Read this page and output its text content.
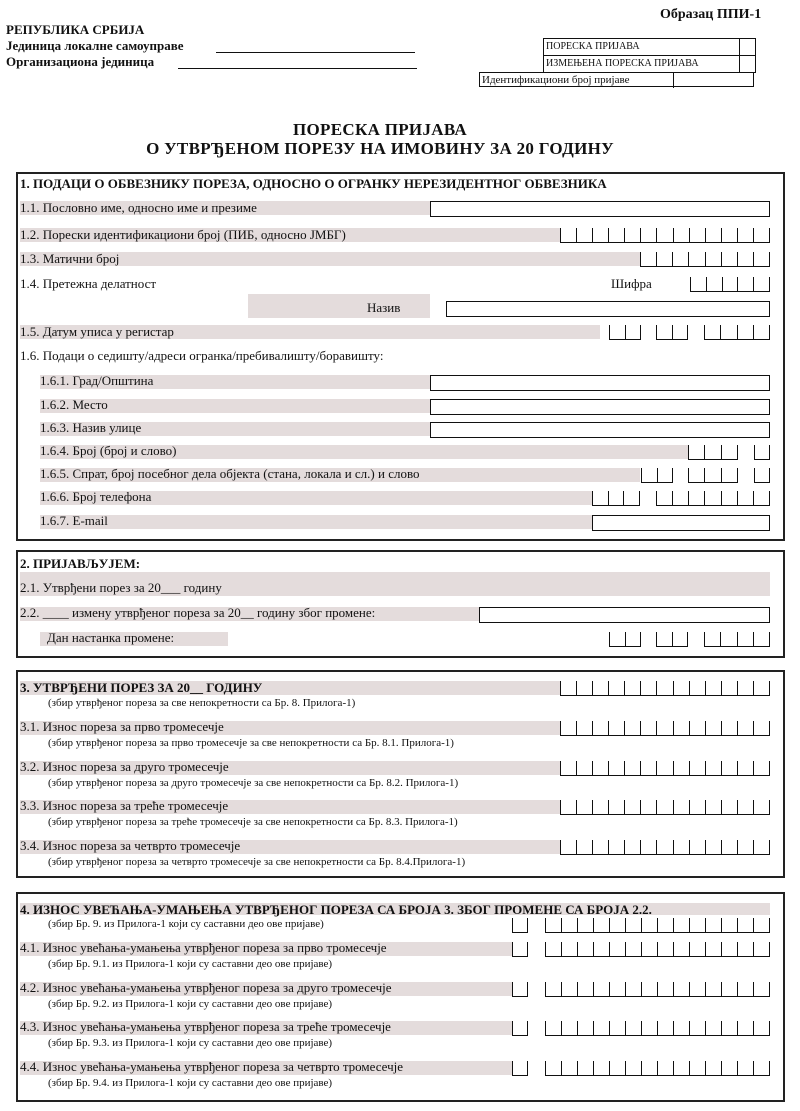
Образац ППИ-1
РЕПУБЛИКА СРБИЈА
Јединица локалне самоуправе
Организациона јединица
ПОРЕСКА ПРИЈАВА
ИЗМЕЊЕНА ПОРЕСКА ПРИЈАВА
Идентификациони број пријаве
ПОРЕСКА ПРИЈАВА
О УТВРЂЕНОМ ПОРЕЗУ НА ИМОВИНУ ЗА 20 ГОДИНУ
1. ПОДАЦИ О ОБВЕЗНИКУ ПОРЕЗА, ОДНОСНО О ОГРАНКУ НЕРЕЗИДЕНТНОГ ОБВЕЗНИКА
1.1. Пословно име, односно име и презиме
1.2. Порески идентификациони број (ПИБ, односно ЈМБГ)
1.3. Матични број
1.4. Претежна делатност	Шифра
Назив
1.5. Датум уписа у регистар
1.6. Подаци о седишту/адреси огранка/пребивалишту/боравишту:
1.6.1. Град/Општина
1.6.2. Место
1.6.3. Назив улице
1.6.4. Број (број и слово)
1.6.5. Спрат, број посебног дела објекта (стана, локала и сл.) и слово
1.6.6. Број телефона
1.6.7. E-mail
2. ПРИЈАВЉУЈЕМ:
2.1. Утврђени порез за 20___ годину
2.2. ____ измену утврђеног пореза за 20__ годину због промене:
Дан настанка промене:
3. УТВРЂЕНИ ПОРЕЗ ЗА 20__ ГОДИНУ
(збир утврђеног пореза за све непокретности са Бр. 8. Прилога-1)
3.1. Износ пореза за прво тромесечје
(збир утврђеног пореза за прво тромесечје за све непокретности са Бр. 8.1. Прилога-1)
3.2. Износ пореза за друго тромесечје
(збир утврђеног пореза за друго тромесечје за све непокретности са Бр. 8.2. Прилога-1)
3.3. Износ пореза за треће тромесечје
(збир утврђеног пореза за треће тромесечје за све непокретности са Бр. 8.3. Прилога-1)
3.4. Износ пореза за четврто тромесечје
(збир утврђеног пореза за четврто тромесечје за све непокретности са Бр. 8.4.Прилога-1)
4. ИЗНОС УВЕЋАЊА-УМАЊЕЊА УТВРЂЕНОГ ПОРЕЗА СА БРОЈА 3. ЗБОГ ПРОМЕНЕ СА БРОЈА 2.2.
(збир Бр. 9. из Прилога-1 који су саставни део ове пријаве)
4.1. Износ увећања-умањења утврђеног пореза за прво тромесечје
(збир Бр. 9.1. из Прилога-1 који су саставни део ове пријаве)
4.2. Износ увећања-умањења утврђеног пореза за друго тромесечје
(збир Бр. 9.2. из Прилога-1 који су саставни део ове пријаве)
4.3. Износ увећања-умањења утврђеног пореза за треће тромесечје
(збир Бр. 9.3. из Прилога-1 који су саставни део ове пријаве)
4.4. Износ увећања-умањења утврђеног пореза за четврто тромесечје
(збир Бр. 9.4. из Прилога-1 који су саставни део ове пријаве)
